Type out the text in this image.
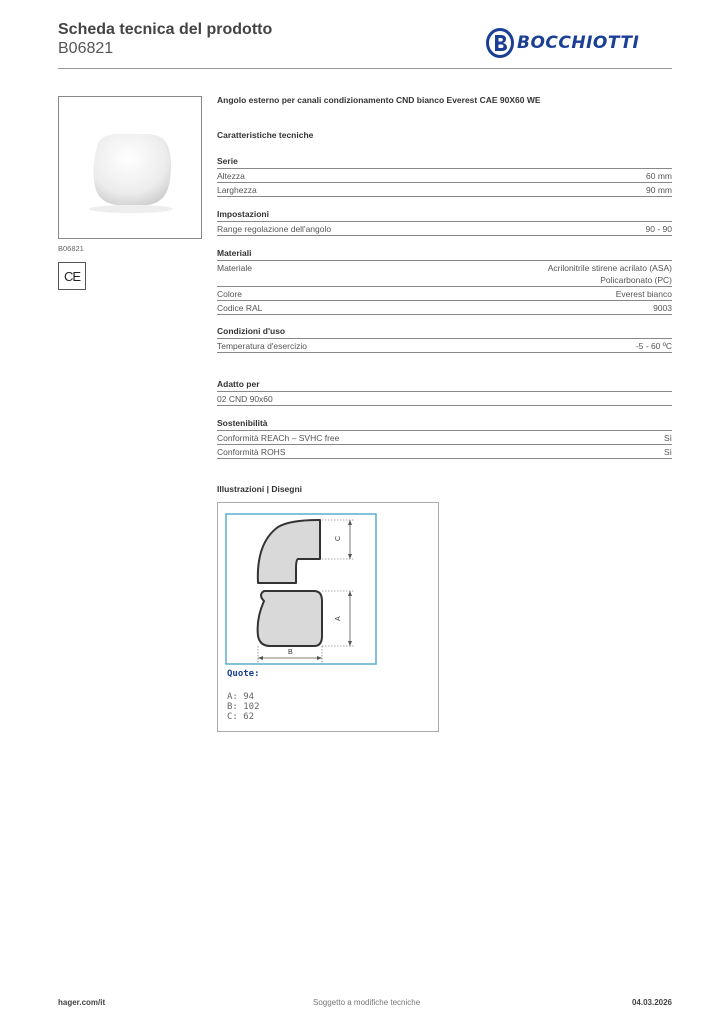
Scheda tecnica del prodotto
B06821	BOCCHIOTTI
B06821
CE
Angolo esterno per canali condizionamento CND bianco Everest CAE 90X60 WE
Caratteristiche tecniche
Serie
Altezza	60 mm
Larghezza	90 mm
Impostazioni
Range regolazione dell'angolo	90 - 90
Materiali
Materiale	Acrilonitrile stirene acrilato (ASA)
Policarbonato (PC)
Colore	Everest bianco
Codice RAL	9003
Condizioni d'uso
Temperatura d'esercizio	-5 - 60 ºC
Adatto per
02 CND 90x60
Sostenibilità
Conformità REACh – SVHC free	Sì
Conformità ROHS	Sì
Illustrazioni | Disegni
C
A
B
Quote:
A: 94
B: 102
C: 62
hager.com/it	Soggetto a modifiche tecniche	04.03.2026
